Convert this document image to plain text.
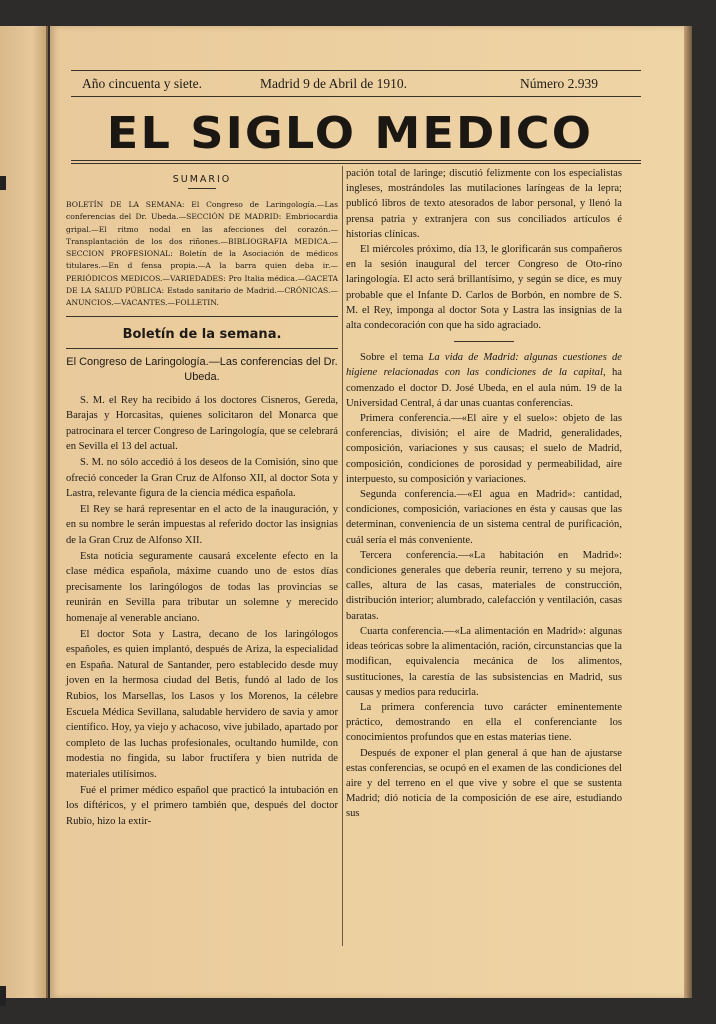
Año cincuenta y siete.	Madrid 9 de Abril de 1910.	Número 2.939
EL SIGLO MEDICO
SUMARIO
BOLETÍN DE LA SEMANA: El Congreso de Laringología.—Las conferencias del Dr. Ubeda.—SECCIÓN DE MADRID: Embriocardia gripal.—El ritmo nodal en las afecciones del corazón.—Transplantación de los dos riñones.—BIBLIOGRAFIA MEDICA.—SECCION PROFESIONAL: Boletín de la Asociación de médicos titulares.—En d fensa propia.—A la barra quien deba ir.—PERIÓDICOS MEDICOS.—VARIEDADES: Pro Italia médica.—GACETA DE LA SALUD PÚBLICA: Estado sanitario de Madrid.—CRÓNICAS.—ANUNCIOS.—VACANTES.—FOLLETIN.
Boletín de la semana.
El Congreso de Laringología.—Las conferencias del Dr. Ubeda.

S. M. el Rey ha recibido á los doctores Cisneros, Gereda, Barajas y Horcasitas, quienes solicitaron del Monarca que patrocinara el tercer Congreso de Laringología, que se celebrará en Sevilla el 13 del actual.

S. M. no sólo accedió á los deseos de la Comisión, sino que ofreció conceder la Gran Cruz de Alfonso XII, al doctor Sota y Lastra, relevante figura de la ciencia médica española.

El Rey se hará representar en el acto de la inauguración, y en su nombre le serán impuestas al referido doctor las insignias de la Gran Cruz de Alfonso XII.

Esta noticia seguramente causará excelente efecto en la clase médica española, máxime cuando uno de estos días precisamente los laringólogos de todas las provincias se reunirán en Sevilla para tributar un solemne y merecido homenaje al venerable anciano.

El doctor Sota y Lastra, decano de los laringólogos españoles, es quien implantó, después de Ariza, la especialidad en España. Natural de Santander, pero establecido desde muy joven en la hermosa ciudad del Betis, fundó al lado de los Rubios, los Marsellas, los Lasos y los Morenos, la célebre Escuela Médica Sevillana, saludable hervidero de savia y amor científico. Hoy, ya viejo y achacoso, vive jubilado, apartado por completo de las luchas profesionales, ocultando humilde, con modestia no fingida, su labor fructífera y bien nutrida de materiales utilísimos.

Fué el primer médico español que practicó la intubación en los diftéricos, y el primero también que, después del doctor Rubio, hizo la extir-

pación total de laringe; discutió felizmente con los especialistas ingleses, mostrándoles las mutilaciones laríngeas de la lepra; publicó libros de texto atesorados de labor personal, y llenó la prensa patria y extranjera con sus conciliados artículos é historias clínicas.

El miércoles próximo, día 13, le glorificarán sus compañeros en la sesión inaugural del tercer Congreso de Oto-rino laringología. El acto será brillantísimo, y según se dice, es muy probable que el Infante D. Carlos de Borbón, en nombre de S. M. el Rey, imponga al doctor Sota y Lastra las insignias de la alta condecoración con que ha sido agraciado.

Sobre el tema La vida de Madrid: algunas cuestiones de higiene relacionadas con las condiciones de la capital, ha comenzado el doctor D. José Ubeda, en el aula núm. 19 de la Universidad Central, á dar unas cuantas conferencias.

Primera conferencia.—«El aire y el suelo»: objeto de las conferencias, división; el aire de Madrid, generalidades, composición, variaciones y sus causas; el suelo de Madrid, composición, condiciones de porosidad y permeabilidad, aire interpuesto, su composición y variaciones.

Segunda conferencia.—«El agua en Madrid»: cantidad, condiciones, composición, variaciones en ésta y causas que las determinan, conveniencia de un sistema central de purificación, cuál sería el más conveniente.

Tercera conferencia.—«La habitación en Madrid»: condiciones generales que debería reunir, terreno y su mejora, calles, altura de las casas, materiales de construcción, distribución interior; alumbrado, calefacción y ventilación, casas baratas.

Cuarta conferencia.—«La alimentación en Madrid»: algunas ideas teóricas sobre la alimentación, ración, circunstancias que la modifican, equivalencia mecánica de los alimentos, sustituciones, la carestía de las subsistencias en Madrid, sus causas y medios para reducirla.

La primera conferencia tuvo carácter eminentemente práctico, demostrando en ella el conferenciante los conocimientos profundos que en estas materias tiene.

Después de exponer el plan general á que han de ajustarse estas conferencias, se ocupó en el examen de las condiciones del aire y del terreno en el que vive y sobre el que se sustenta Madrid; dió noticia de la composición de ese aire, estudiando sus
